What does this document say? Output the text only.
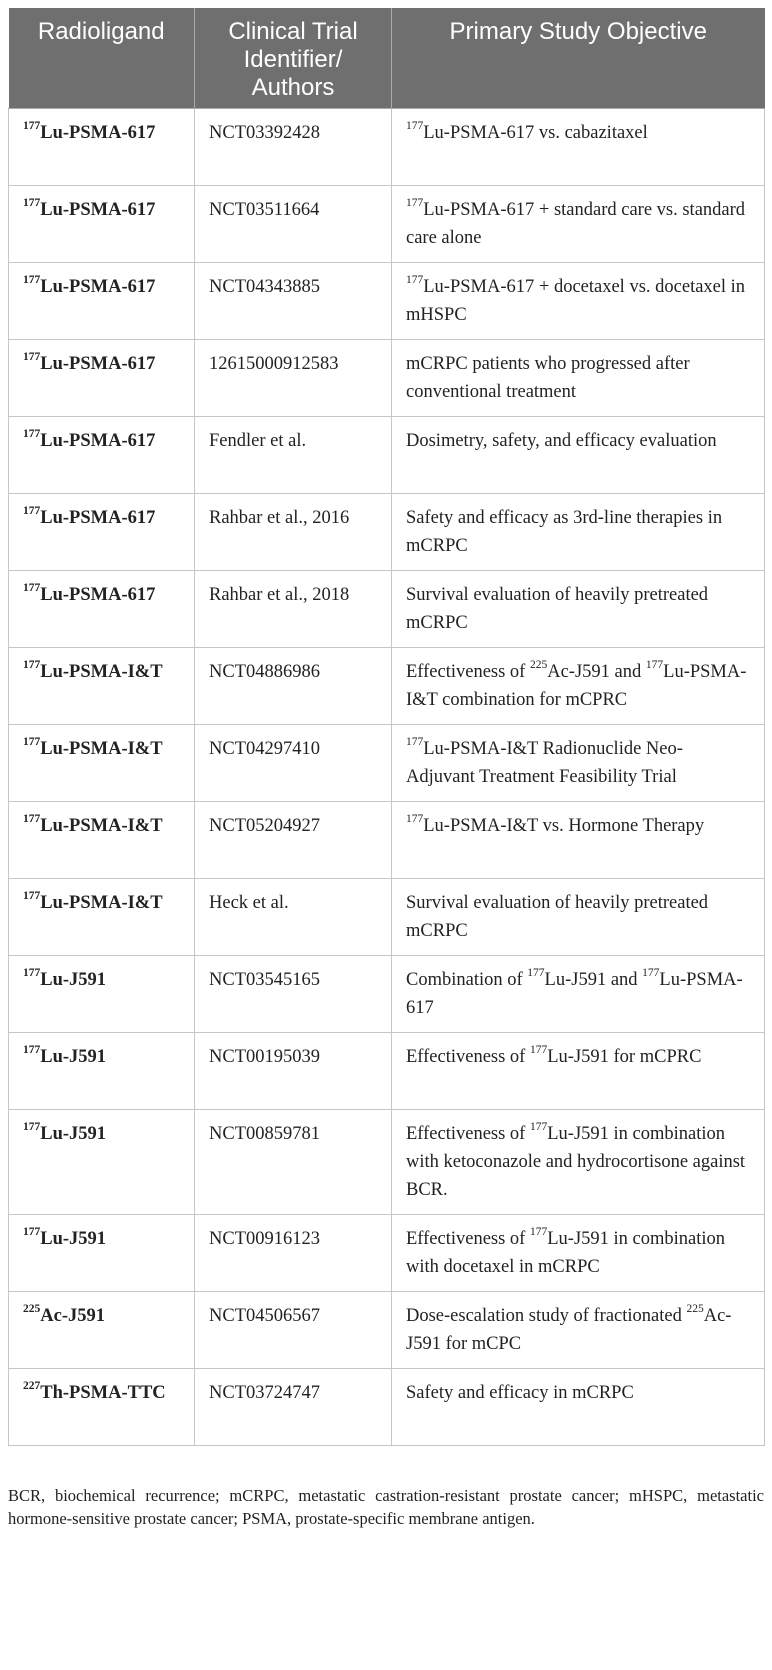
Radioligand	Clinical Trial Identifier/ Authors	Primary Study Objective
$^{177}$Lu-PSMA-617	NCT03392428	$^{177}$Lu-PSMA-617 vs. cabazitaxel
$^{177}$Lu-PSMA-617	NCT03511664	$^{177}$Lu-PSMA-617 + standard care vs. standard care alone
$^{177}$Lu-PSMA-617	NCT04343885	$^{177}$Lu-PSMA-617 + docetaxel vs. docetaxel in mHSPC
$^{177}$Lu-PSMA-617	12615000912583	mCRPC patients who progressed after conventional treatment
$^{177}$Lu-PSMA-617	Fendler et al.	Dosimetry, safety, and efficacy evaluation
$^{177}$Lu-PSMA-617	Rahbar et al., 2016	Safety and efficacy as 3rd-line therapies in mCRPC
$^{177}$Lu-PSMA-617	Rahbar et al., 2018	Survival evaluation of heavily pretreated mCRPC
$^{177}$Lu-PSMA-I&T	NCT04886986	Effectiveness of $^{225}$Ac-J591 and $^{177}$Lu-PSMA-I&T combination for mCPRC
$^{177}$Lu-PSMA-I&T	NCT04297410	$^{177}$Lu-PSMA-I&T Radionuclide Neo-Adjuvant Treatment Feasibility Trial
$^{177}$Lu-PSMA-I&T	NCT05204927	$^{177}$Lu-PSMA-I&T vs. Hormone Therapy
$^{177}$Lu-PSMA-I&T	Heck et al.	Survival evaluation of heavily pretreated mCRPC
$^{177}$Lu-J591	NCT03545165	Combination of $^{177}$Lu-J591 and $^{177}$Lu-PSMA-617
$^{177}$Lu-J591	NCT00195039	Effectiveness of $^{177}$Lu-J591 for mCPRC
$^{177}$Lu-J591	NCT00859781	Effectiveness of $^{177}$Lu-J591 in combination with ketoconazole and hydrocortisone against BCR.
$^{177}$Lu-J591	NCT00916123	Effectiveness of $^{177}$Lu-J591 in combination with docetaxel in mCRPC
$^{225}$Ac-J591	NCT04506567	Dose-escalation study of fractionated $^{225}$Ac-J591 for mCPC
$^{227}$Th-PSMA-TTC	NCT03724747	Safety and efficacy in mCRPC
BCR, biochemical recurrence; mCRPC, metastatic castration-resistant prostate cancer; mHSPC, metastatic hormone-sensitive prostate cancer; PSMA, prostate-specific membrane antigen.
